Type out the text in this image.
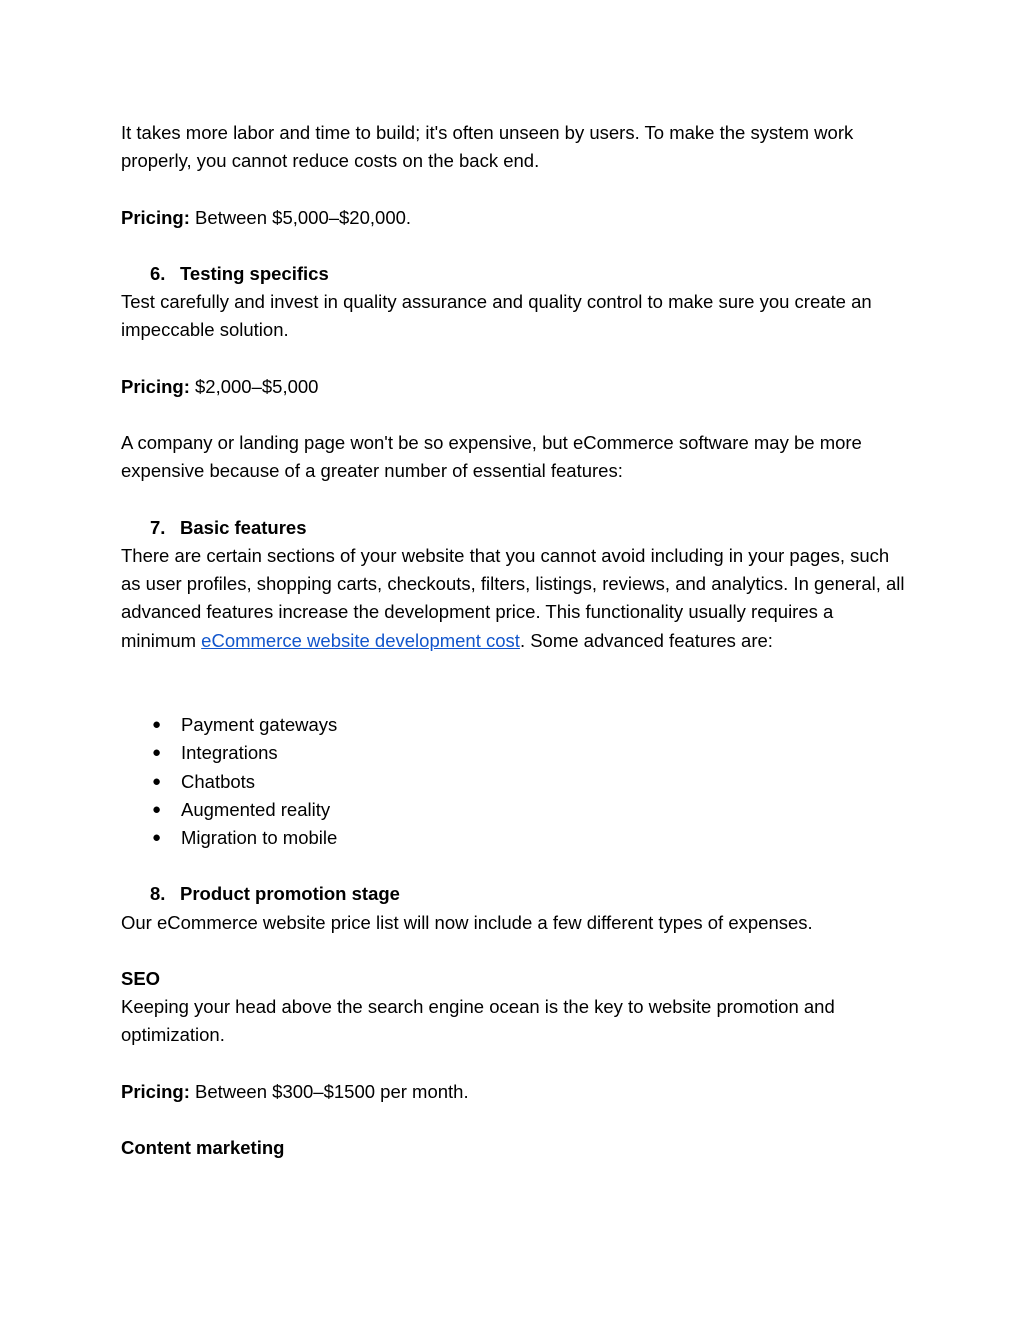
It takes more labor and time to build; it's often unseen by users. To make the system work properly, you cannot reduce costs on the back end.

Pricing: Between $5,000–$20,000.

6. Testing specifics

Test carefully and invest in quality assurance and quality control to make sure you create an impeccable solution.

Pricing: $2,000–$5,000

A company or landing page won't be so expensive, but eCommerce software may be more expensive because of a greater number of essential features:

7. Basic features

There are certain sections of your website that you cannot avoid including in your pages, such as user profiles, shopping carts, checkouts, filters, listings, reviews, and analytics. In general, all advanced features increase the development price. This functionality usually requires a minimum eCommerce website development cost. Some advanced features are:

●	Payment gateways
●	Integrations
●	Chatbots
●	Augmented reality
●	Migration to mobile
8. Product promotion stage

Our eCommerce website price list will now include a few different types of expenses.

SEO

Keeping your head above the search engine ocean is the key to website promotion and optimization.

Pricing: Between $300–$1500 per month.

Content marketing
